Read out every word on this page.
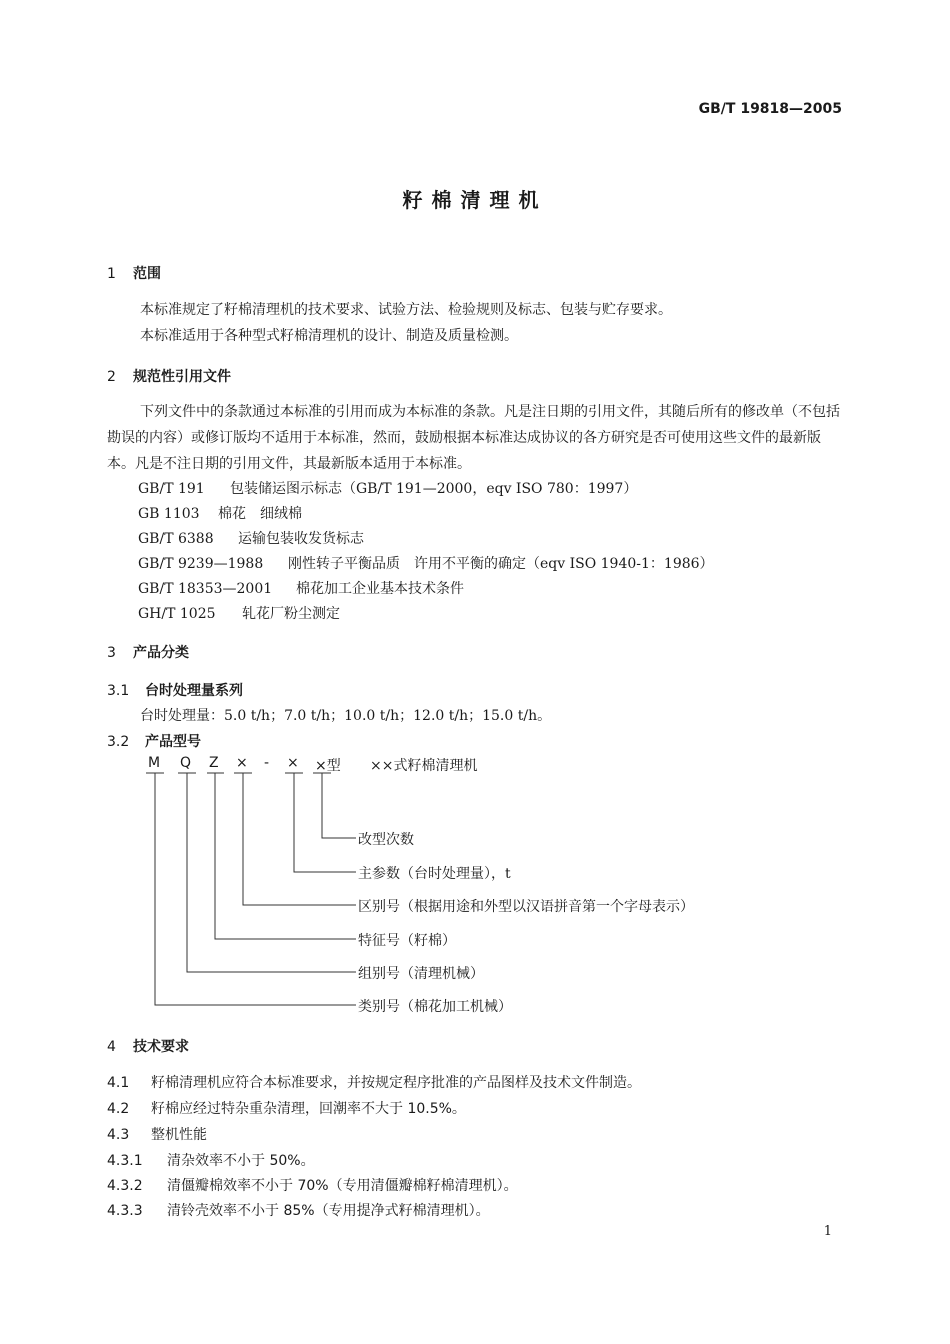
GB/T 19818—2005
籽棉清理机
1 范围
本标准规定了籽棉清理机的技术要求、试验方法、检验规则及标志、包装与贮存要求。
本标准适用于各种型式籽棉清理机的设计、制造及质量检测。
2 规范性引用文件
下列文件中的条款通过本标准的引用而成为本标准的条款。凡是注日期的引用文件，其随后所有的修改单（不包括勘误的内容）或修订版均不适用于本标准，然而，鼓励根据本标准达成协议的各方研究是否可使用这些文件的最新版本。凡是不注日期的引用文件，其最新版本适用于本标准。
GB/T 191 包装储运图示标志（GB/T 191—2000，eqv ISO 780：1997）
GB 1103 棉花　细绒棉
GB/T 6388 运输包装收发货标志
GB/T 9239—1988 刚性转子平衡品质　许用不平衡的确定（eqv ISO 1940-1：1986）
GB/T 18353—2001 棉花加工企业基本技术条件
GH/T 1025 轧花厂粉尘测定
3 产品分类
3.1 台时处理量系列
台时处理量：5.0 t/h；7.0 t/h；10.0 t/h；12.0 t/h；15.0 t/h。
3.2 产品型号
M Q Z × - × ×型 ××式籽棉清理机
改型次数
主参数（台时处理量），t
区别号（根据用途和外型以汉语拼音第一个字母表示）
特征号（籽棉）
组别号（清理机械）
类别号（棉花加工机械）
4 技术要求
4.1 籽棉清理机应符合本标准要求，并按规定程序批准的产品图样及技术文件制造。
4.2 籽棉应经过特杂重杂清理，回潮率不大于 10.5%。
4.3 整机性能
4.3.1 清杂效率不小于 50%。
4.3.2 清僵瓣棉效率不小于 70%（专用清僵瓣棉籽棉清理机）。
4.3.3 清铃壳效率不小于 85%（专用提净式籽棉清理机）。
1
